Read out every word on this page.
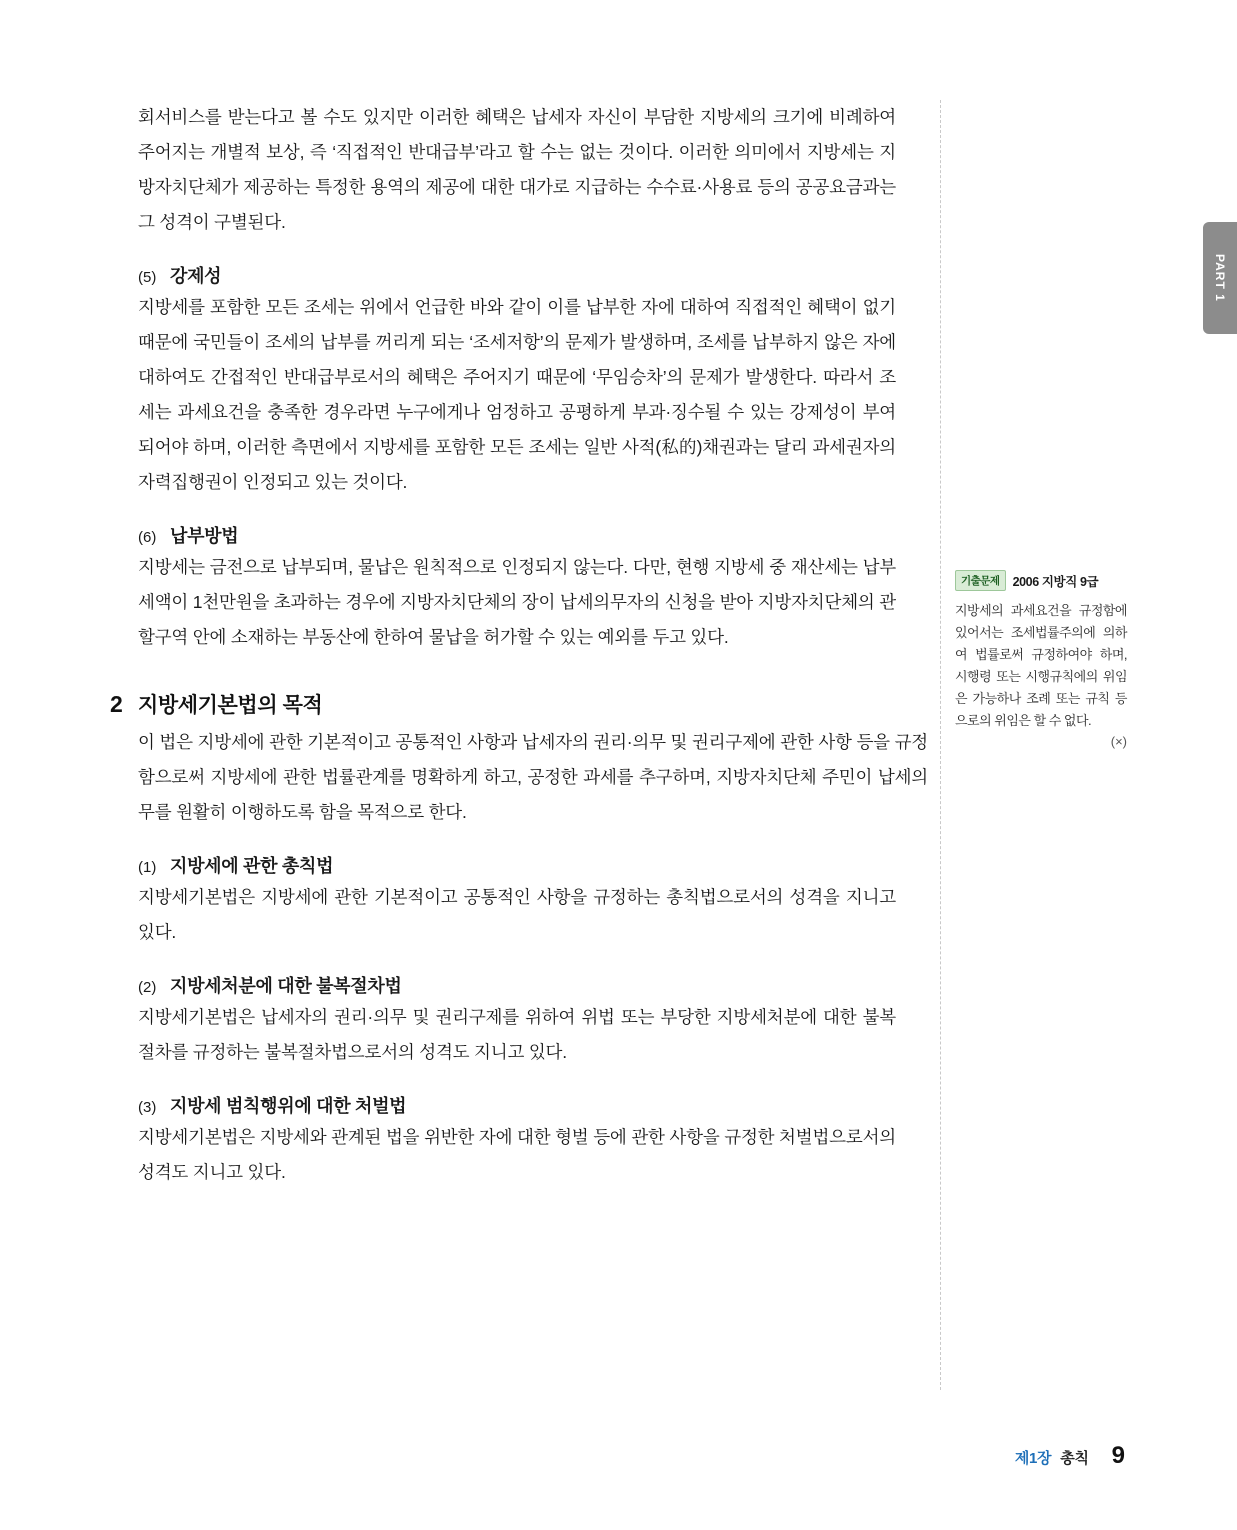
PART 1

회서비스를 받는다고 볼 수도 있지만 이러한 혜택은 납세자 자신이 부담한 지방세의 크기에 비례하여 주어지는 개별적 보상, 즉 ‘직접적인 반대급부’라고 할 수는 없는 것이다. 이러한 의미에서 지방세는 지방자치단체가 제공하는 특정한 용역의 제공에 대한 대가로 지급하는 수수료·사용료 등의 공공요금과는 그 성격이 구별된다.

(5) 강제성

지방세를 포함한 모든 조세는 위에서 언급한 바와 같이 이를 납부한 자에 대하여 직접적인 혜택이 없기 때문에 국민들이 조세의 납부를 꺼리게 되는 ‘조세저항’의 문제가 발생하며, 조세를 납부하지 않은 자에 대하여도 간접적인 반대급부로서의 혜택은 주어지기 때문에 ‘무임승차’의 문제가 발생한다. 따라서 조세는 과세요건을 충족한 경우라면 누구에게나 엄정하고 공평하게 부과·징수될 수 있는 강제성이 부여되어야 하며, 이러한 측면에서 지방세를 포함한 모든 조세는 일반 사적(私的)채권과는 달리 과세권자의 자력집행권이 인정되고 있는 것이다.

(6) 납부방법

지방세는 금전으로 납부되며, 물납은 원칙적으로 인정되지 않는다. 다만, 현행 지방세 중 재산세는 납부세액이 1천만원을 초과하는 경우에 지방자치단체의 장이 납세의무자의 신청을 받아 지방자치단체의 관할구역 안에 소재하는 부동산에 한하여 물납을 허가할 수 있는 예외를 두고 있다.

2 지방세기본법의 목적

이 법은 지방세에 관한 기본적이고 공통적인 사항과 납세자의 권리·의무 및 권리구제에 관한 사항 등을 규정함으로써 지방세에 관한 법률관계를 명확하게 하고, 공정한 과세를 추구하며, 지방자치단체 주민이 납세의무를 원활히 이행하도록 함을 목적으로 한다.

(1) 지방세에 관한 총칙법

지방세기본법은 지방세에 관한 기본적이고 공통적인 사항을 규정하는 총칙법으로서의 성격을 지니고 있다.

(2) 지방세처분에 대한 불복절차법

지방세기본법은 납세자의 권리·의무 및 권리구제를 위하여 위법 또는 부당한 지방세처분에 대한 불복절차를 규정하는 불복절차법으로서의 성격도 지니고 있다.

(3) 지방세 범칙행위에 대한 처벌법

지방세기본법은 지방세와 관계된 법을 위반한 자에 대한 형벌 등에 관한 사항을 규정한 처벌법으로서의 성격도 지니고 있다.

기출문제	2006 지방직 9급

지방세의 과세요건을 규정함에 있어서는 조세법률주의에 의하여 법률로써 규정하여야 하며, 시행령 또는 시행규칙에의 위임은 가능하나 조례 또는 규칙 등으로의 위임은 할 수 없다.

(×)
제1장 총칙 9
